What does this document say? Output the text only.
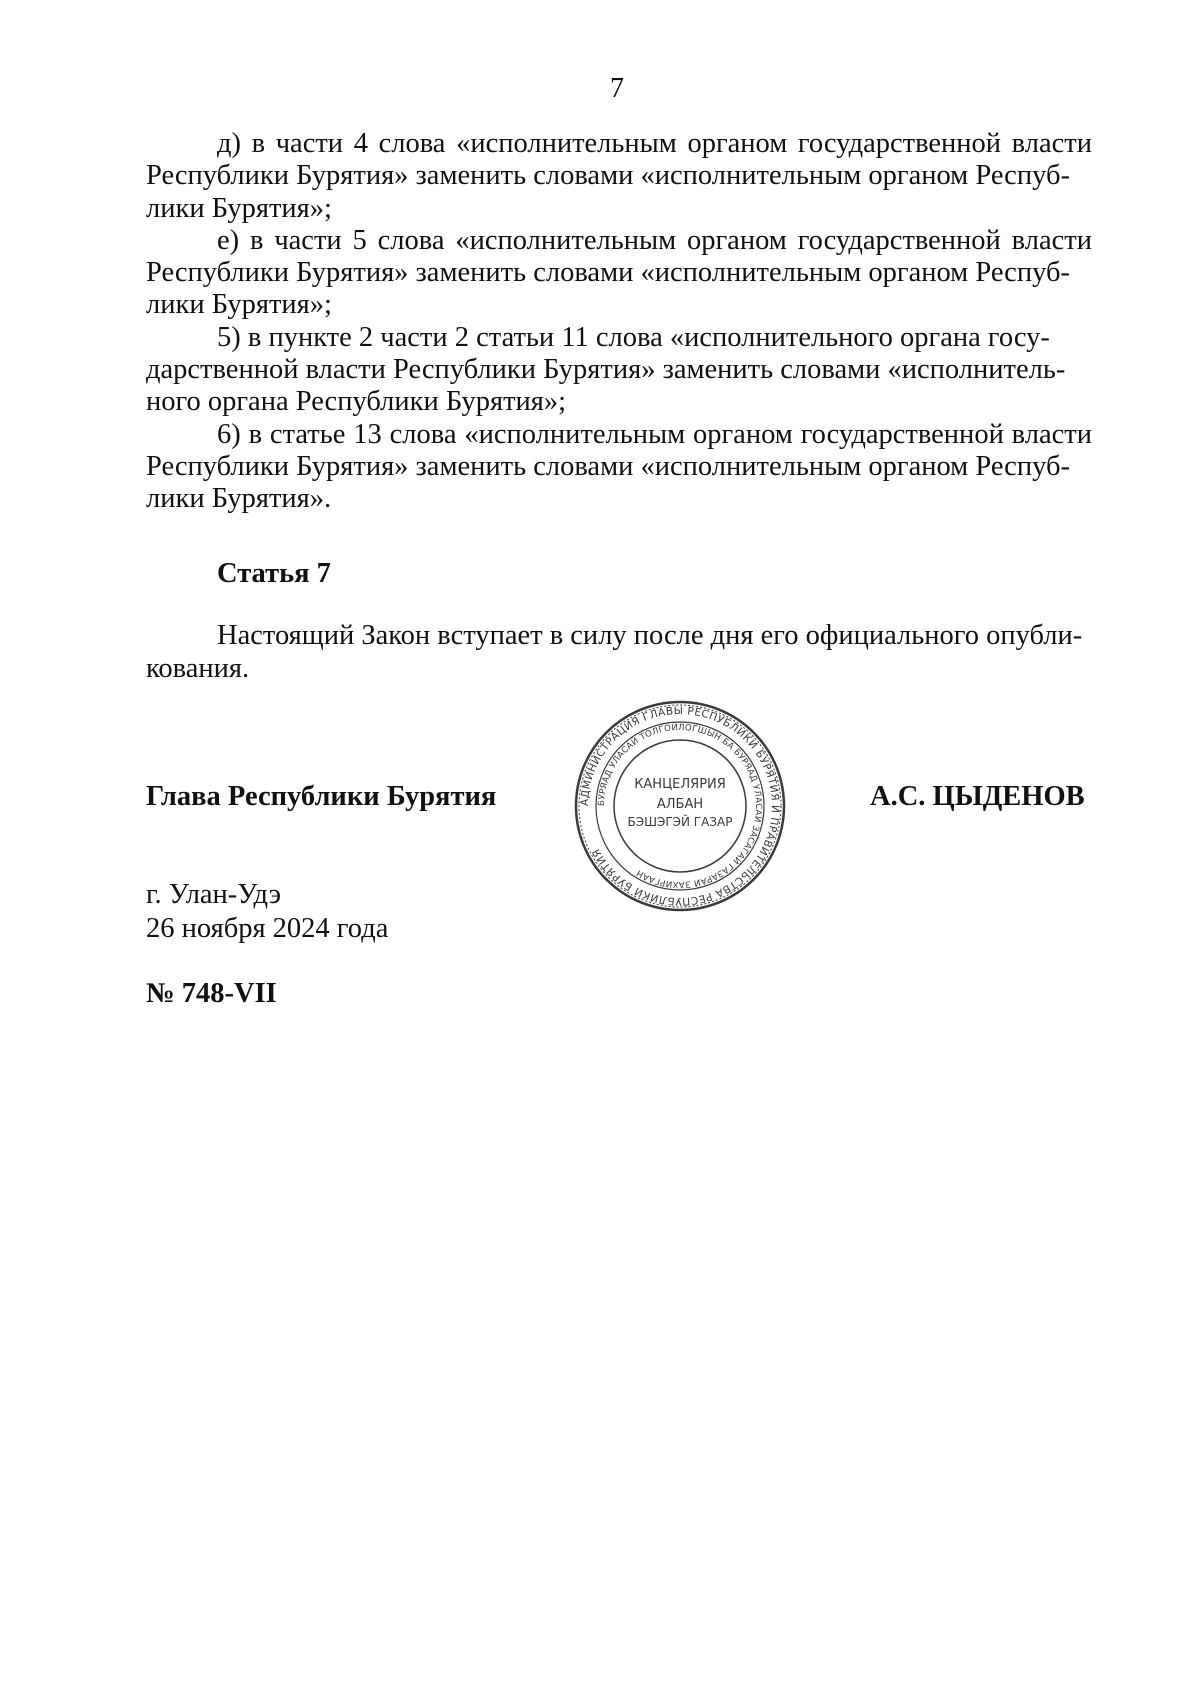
7

д) в части 4 слова «исполнительным органом государственной власти Республики Бурятия» заменить словами «исполнительным органом Респуб-
лики Бурятия»;

е) в части 5 слова «исполнительным органом государственной власти Республики Бурятия» заменить словами «исполнительным органом Респуб-
лики Бурятия»;

5) в пункте 2 части 2 статьи 11 слова «исполнительного органа госу-
дарственной власти Республики Бурятия» заменить словами «исполнитель-
ного органа Республики Бурятия»;

6) в статье 13 слова «исполнительным органом государственной власти Республики Бурятия» заменить словами «исполнительным органом Респуб-
лики Бурятия».

Статья 7

Настоящий Закон вступает в силу после дня его официального опубли-
кования.

Глава Республики Бурятия	АДМИНИСТРАЦИЯ ГЛАВЫ РЕСПУБЛИКИ БУРЯТИЯ И ПРАВИТЕЛЬСТВА РЕСПУБЛИКИ БУРЯТИЯ
БУРЯАД УЛАСАЙ ТОЛГОЙЛОГШЫН БА БУРЯАД УЛАСАЙ ЗАСАГАЙ ГАЗАРАЙ ЗАХИРГААН
КАНЦЕЛЯРИЯ
АЛБАН
БЭШЭГЭЙ ГАЗАР
А.С. ЦЫДЕНОВ
г. Улан-Удэ
26 ноября 2024 года
№ 748-VII
